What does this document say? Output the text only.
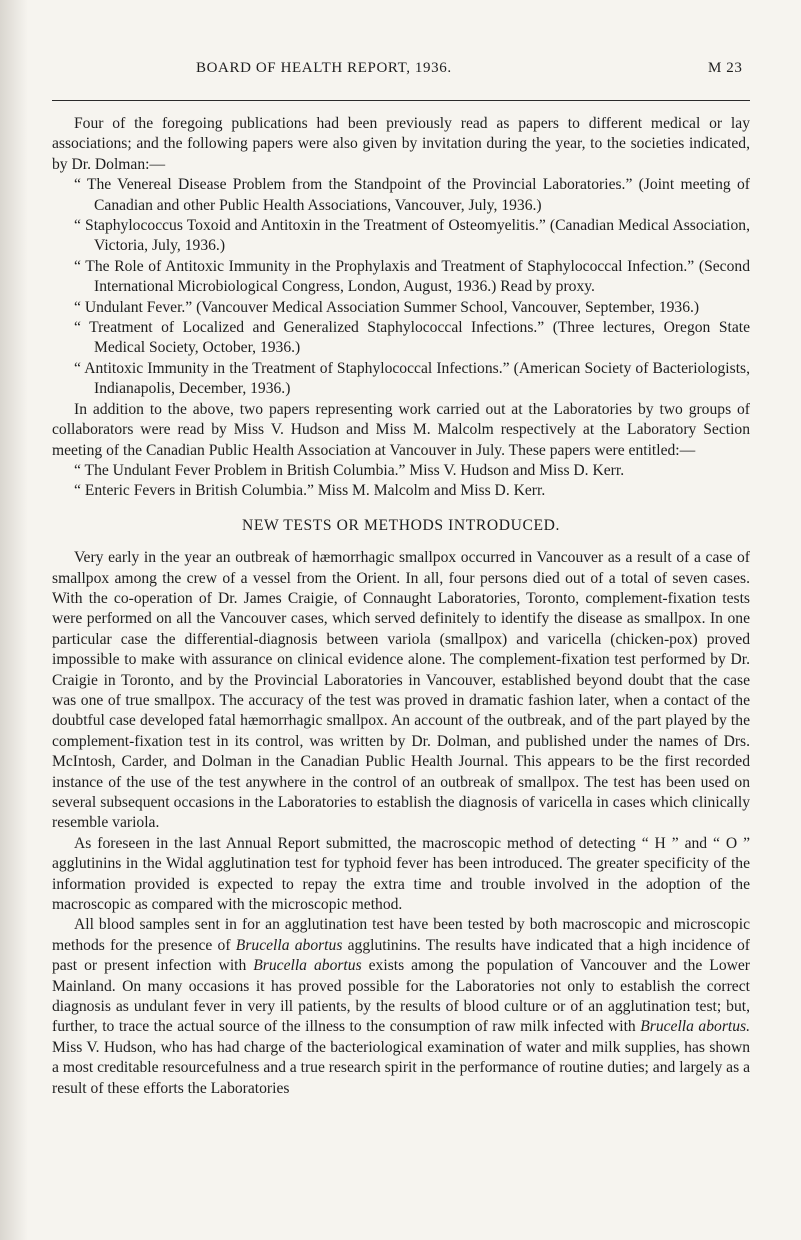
BOARD OF HEALTH REPORT, 1936.	M 23

Four of the foregoing publications had been previously read as papers to different medical or lay associations; and the following papers were also given by invitation during the year, to the societies indicated, by Dr. Dolman:—

“ The Venereal Disease Problem from the Standpoint of the Provincial Laboratories.” (Joint meeting of Canadian and other Public Health Associations, Vancouver, July, 1936.)

“ Staphylococcus Toxoid and Antitoxin in the Treatment of Osteomyelitis.” (Canadian Medical Association, Victoria, July, 1936.)

“ The Role of Antitoxic Immunity in the Prophylaxis and Treatment of Staphylococcal Infection.” (Second International Microbiological Congress, London, August, 1936.) Read by proxy.

“ Undulant Fever.” (Vancouver Medical Association Summer School, Vancouver, September, 1936.)

“ Treatment of Localized and Generalized Staphylococcal Infections.” (Three lectures, Oregon State Medical Society, October, 1936.)

“ Antitoxic Immunity in the Treatment of Staphylococcal Infections.” (American Society of Bacteriologists, Indianapolis, December, 1936.)

In addition to the above, two papers representing work carried out at the Laboratories by two groups of collaborators were read by Miss V. Hudson and Miss M. Malcolm respectively at the Laboratory Section meeting of the Canadian Public Health Association at Vancouver in July. These papers were entitled:—

“ The Undulant Fever Problem in British Columbia.” Miss V. Hudson and Miss D. Kerr.

“ Enteric Fevers in British Columbia.” Miss M. Malcolm and Miss D. Kerr.

NEW TESTS OR METHODS INTRODUCED.

Very early in the year an outbreak of hæmorrhagic smallpox occurred in Vancouver as a result of a case of smallpox among the crew of a vessel from the Orient. In all, four persons died out of a total of seven cases. With the co-operation of Dr. James Craigie, of Connaught Laboratories, Toronto, complement-fixation tests were performed on all the Vancouver cases, which served definitely to identify the disease as smallpox. In one particular case the differential-diagnosis between variola (smallpox) and varicella (chicken-pox) proved impossible to make with assurance on clinical evidence alone. The complement-fixation test performed by Dr. Craigie in Toronto, and by the Provincial Laboratories in Vancouver, established beyond doubt that the case was one of true smallpox. The accuracy of the test was proved in dramatic fashion later, when a contact of the doubtful case developed fatal hæmorrhagic smallpox. An account of the outbreak, and of the part played by the complement-fixation test in its control, was written by Dr. Dolman, and published under the names of Drs. McIntosh, Carder, and Dolman in the Canadian Public Health Journal. This appears to be the first recorded instance of the use of the test anywhere in the control of an outbreak of smallpox. The test has been used on several subsequent occasions in the Laboratories to establish the diagnosis of varicella in cases which clinically resemble variola.

As foreseen in the last Annual Report submitted, the macroscopic method of detecting “ H ” and “ O ” agglutinins in the Widal agglutination test for typhoid fever has been introduced. The greater specificity of the information provided is expected to repay the extra time and trouble involved in the adoption of the macroscopic as compared with the microscopic method.

All blood samples sent in for an agglutination test have been tested by both macroscopic and microscopic methods for the presence of Brucella abortus agglutinins. The results have indicated that a high incidence of past or present infection with Brucella abortus exists among the population of Vancouver and the Lower Mainland. On many occasions it has proved possible for the Laboratories not only to establish the correct diagnosis as undulant fever in very ill patients, by the results of blood culture or of an agglutination test; but, further, to trace the actual source of the illness to the consumption of raw milk infected with Brucella abortus. Miss V. Hudson, who has had charge of the bacteriological examination of water and milk supplies, has shown a most creditable resourcefulness and a true research spirit in the performance of routine duties; and largely as a result of these efforts the Laboratories
